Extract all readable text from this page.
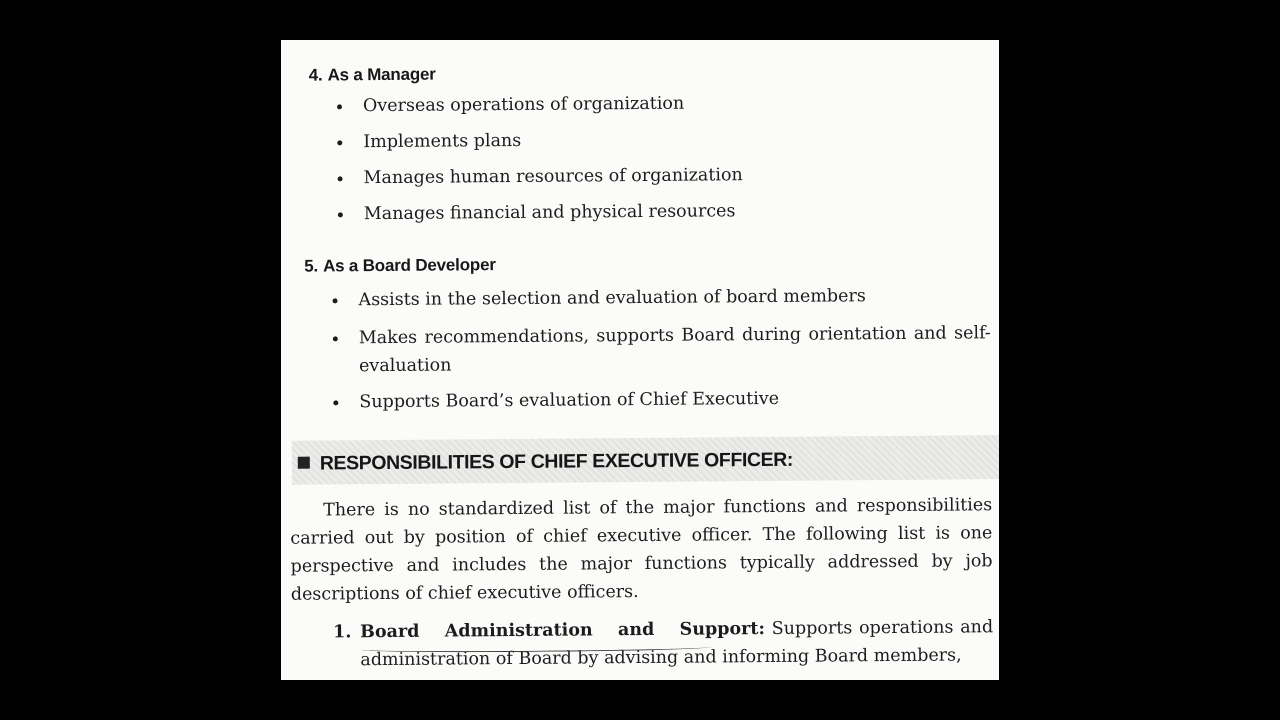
4. As a Manager
Overseas operations of organization
Implements plans
Manages human resources of organization
Manages financial and physical resources
5. As a Board Developer
Assists in the selection and evaluation of board members
Makes recommendations, supports Board during orientation and self-evaluation
Supports Board’s evaluation of Chief Executive
RESPONSIBILITIES OF CHIEF EXECUTIVE OFFICER:

There is no standardized list of the major functions and responsibilities carried out by position of chief executive officer. The following list is one perspective and includes the major functions typically addressed by job descriptions of chief executive officers.

1. Board Administration and Support: Supports operations and administration of Board by advising and informing Board members,
